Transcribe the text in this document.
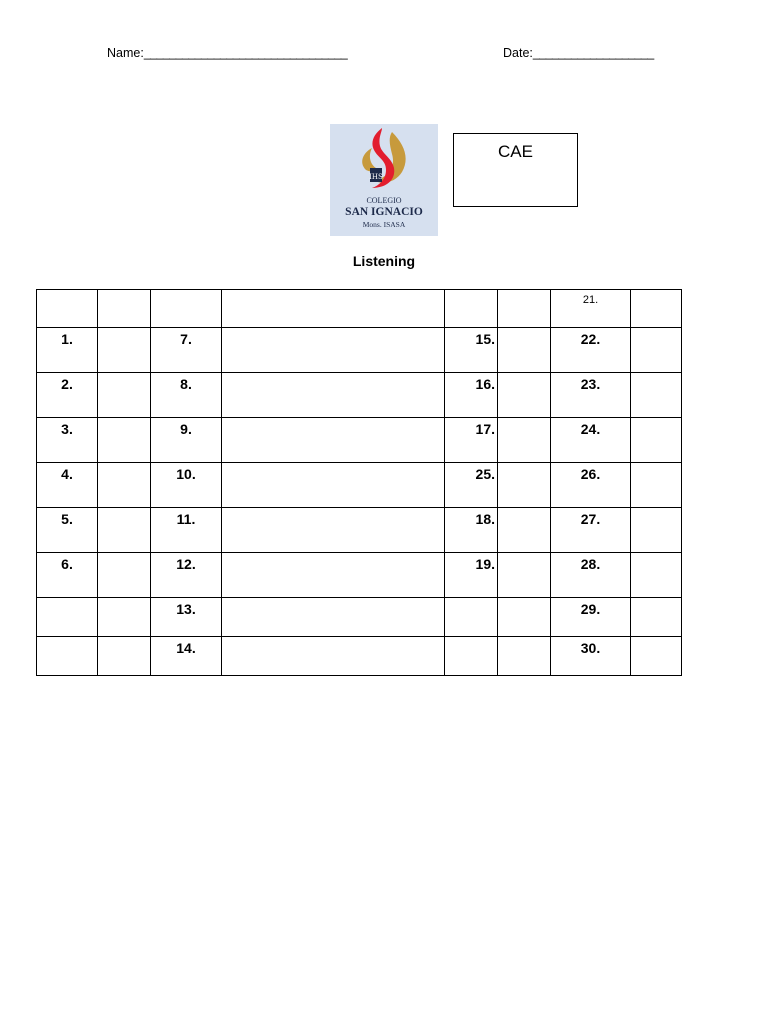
Name:________________________________	Date:___________________
IHS
COLEGIO
SAN IGNACIO
Mons. ISASA
CAE
Listening

						21.	

1.		7.		15.		22.	

2.		8.		16.		23.	

3.		9.		17.		24.	

4.		10.		25.		26.	

5.		11.		18.		27.	

6.		12.		19.		28.	

		13.				29.	

		14.				30.	
